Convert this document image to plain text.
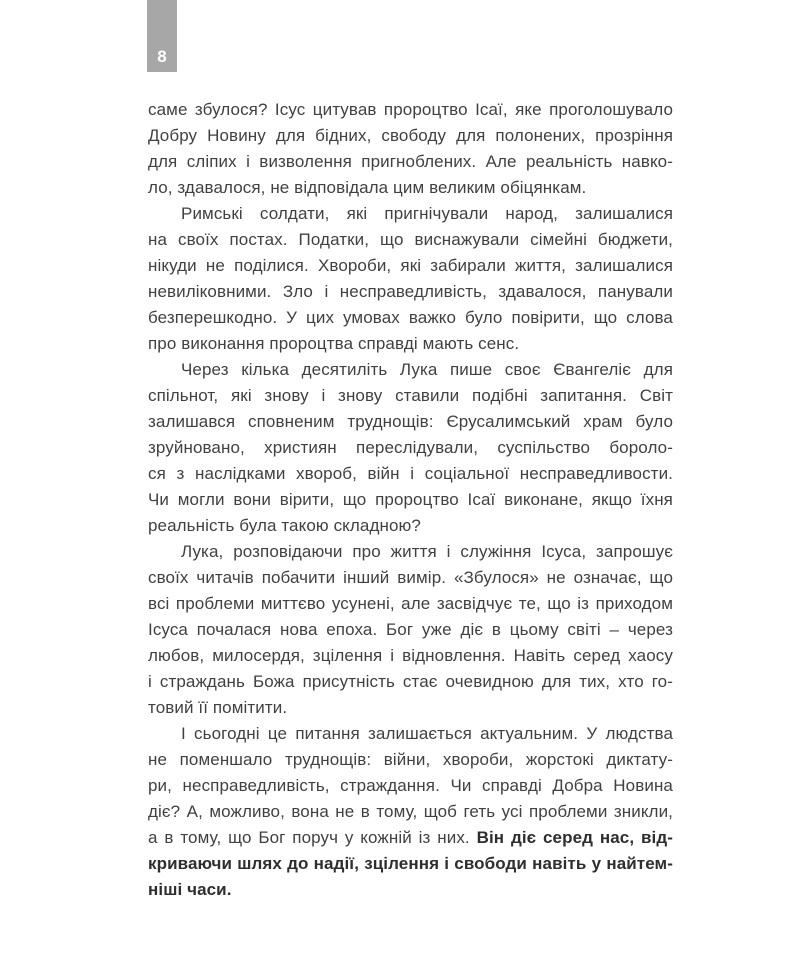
8
саме збулося? Ісус цитував пророцтво Ісаї, яке проголошувало
Добру Новину для бідних, свободу для полонених, прозріння
для сліпих і визволення пригноблених. Але реальність навко-
ло, здавалося, не відповідала цим великим обіцянкам.
Римські солдати, які пригнічували народ, залишалися
на своїх постах. Податки, що виснажували сімейні бюджети,
нікуди не поділися. Хвороби, які забирали життя, залишалися
невиліковними. Зло і несправедливість, здавалося, панували
безперешкодно. У цих умовах важко було повірити, що слова
про виконання пророцтва справді мають сенс.
Через кілька десятиліть Лука пише своє Євангеліє для
спільнот, які знову і знову ставили подібні запитання. Світ
залишався сповненим труднощів: Єрусалимський храм було
зруйновано, християн переслідували, суспільство бороло-
ся з наслідками хвороб, війн і соціальної несправедливости.
Чи могли вони вірити, що пророцтво Ісаї виконане, якщо їхня
реальність була такою складною?
Лука, розповідаючи про життя і служіння Ісуса, запрошує
своїх читачів побачити інший вимір. «Збулося» не означає, що
всі проблеми миттєво усунені, але засвідчує те, що із приходом
Ісуса почалася нова епоха. Бог уже діє в цьому світі – через
любов, милосердя, зцілення і відновлення. Навіть серед хаосу
і страждань Божа присутність стає очевидною для тих, хто го-
товий її помітити.
І сьогодні це питання залишається актуальним. У людства
не поменшало труднощів: війни, хвороби, жорстокі диктату-
ри, несправедливість, страждання. Чи справді Добра Новина
діє? А, можливо, вона не в тому, щоб геть усі проблеми зникли,
а в тому, що Бог поруч у кожній із них. Він діє серед нас, від-
криваючи шлях до надії, зцілення і свободи навіть у найтем-
ніші часи.
